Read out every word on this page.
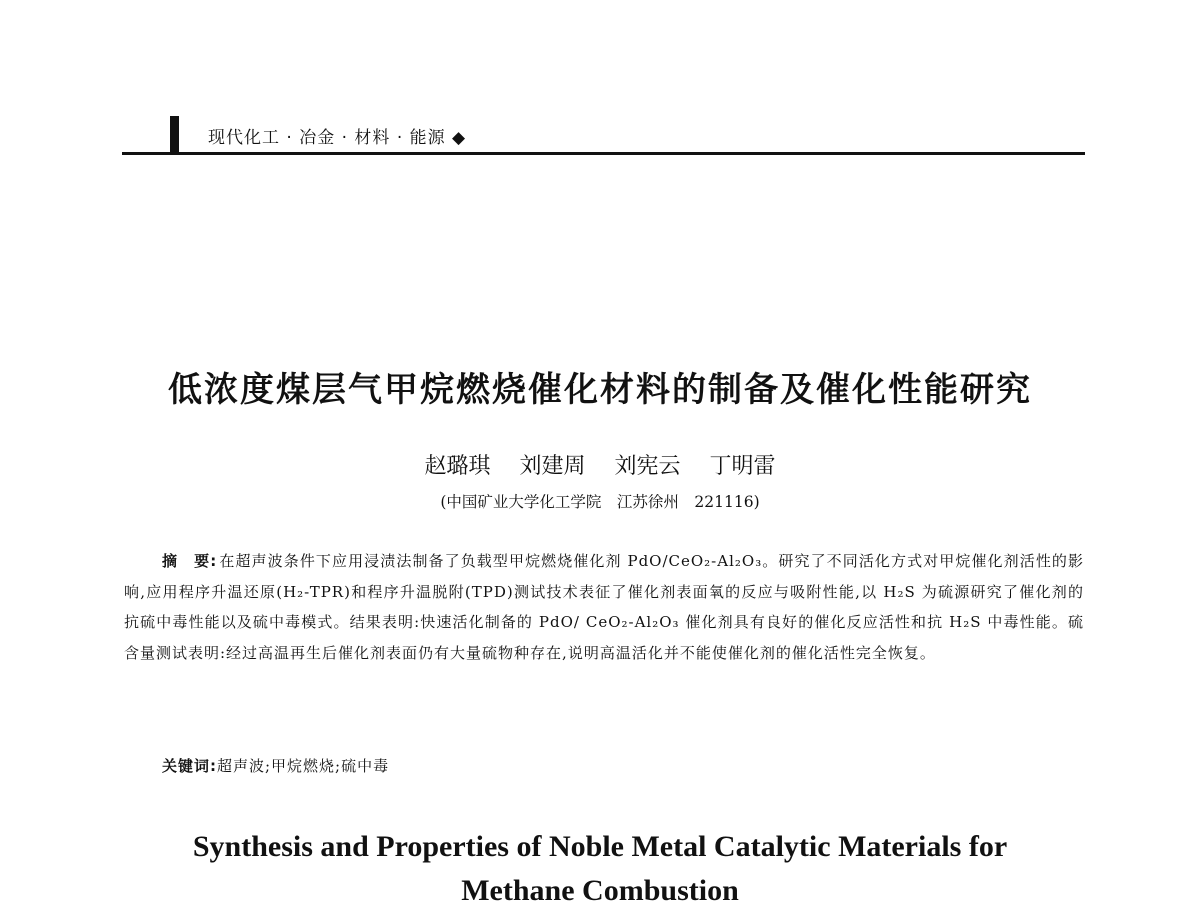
现代化工 · 冶金 · 材料 · 能源 ◆
低浓度煤层气甲烷燃烧催化材料的制备及催化性能研究
赵璐琪 刘建周 刘宪云 丁明雷
(中国矿业大学化工学院　江苏徐州　221116)
摘　要: 在超声波条件下应用浸渍法制备了负载型甲烷燃烧催化剂 PdO/CeO₂-Al₂O₃。研究了不同活化方式对甲烷催化剂活性的影响,应用程序升温还原(H₂-TPR)和程序升温脱附(TPD)测试技术表征了催化剂表面氧的反应与吸附性能,以 H₂S 为硫源研究了催化剂的抗硫中毒性能以及硫中毒模式。结果表明:快速活化制备的 PdO/ CeO₂-Al₂O₃ 催化剂具有良好的催化反应活性和抗 H₂S 中毒性能。硫含量测试表明:经过高温再生后催化剂表面仍有大量硫物种存在,说明高温活化并不能使催化剂的催化活性完全恢复。
关键词:超声波;甲烷燃烧;硫中毒
Synthesis and Properties of Noble Metal Catalytic Materials for
Methane Combustion
